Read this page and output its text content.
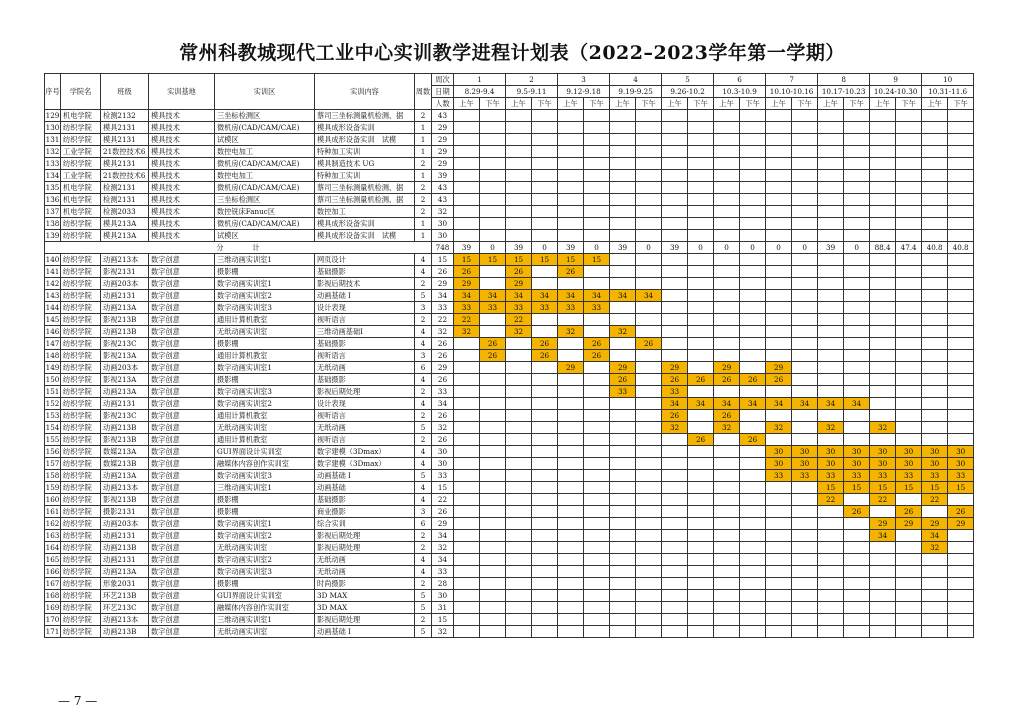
常州科教城现代工业中心实训教学进程计划表（2022–2023学年第一学期）
序号	学院名	班级	实训基地	实训区	实训内容	周数	周次	1		2		3		4		5		6		7		8		9		10	
							日期	8.29-9.4		9.5-9.11		9.12-9.18		9.19-9.25		9.26-10.2		10.3-10.9		10.10-10.16		10.17-10.23		10.24-10.30		10.31-11.6	
							人数	上午	下午	上午	下午	上午	下午	上午	下午	上午	下午	上午	下午	上午	下午	上午	下午	上午	下午	上午	下午
129	机电学院	检测2132	模具技术	三坐标检测区	蔡司三坐标测量机检测、据	2	43																				
130	纺织学院	模具2131	模具技术	微机房(CAD/CAM/CAE)	模具成形设备实训	1	29																				
131	纺织学院	模具2131	模具技术	试模区	模具成形设备实训　试模	1	29																				
132	工业学院	21数控技术6	模具技术	数控电加工	特种加工实训	1	29																				
133	纺织学院	模具2131	模具技术	微机房(CAD/CAM/CAE)	模具制造技术 UG	2	29																				
134	工业学院	21数控技术6	模具技术	数控电加工	特种加工实训	1	39																				
135	机电学院	检测2131	模具技术	微机房(CAD/CAM/CAE)	蔡司三坐标测量机检测、据	2	43																				
136	机电学院	检测2131	模具技术	三坐标检测区	蔡司三坐标测量机检测、据	2	43																				
137	机电学院	检测2033	模具技术	数控铣床Fanuc区	数控加工	2	32																				
138	纺织学院	模具213A	模具技术	微机房(CAD/CAM/CAE)	模具成形设备实训	1	30																				
139	纺织学院	模具213A	模具技术	试模区	模具成形设备实训　试模	1	30																				
分　　　　计							748	39	0	39	0	39	0	39	0	39	0	0	0	0	0	39	0	88.4	47.4	40.8	40.8
140	纺织学院	动画213本	数字创意	三维动画实训室1	网页设计	4	15	15	15	15	15	15	15														
141	纺织学院	影视2131	数字创意	摄影棚	基础摄影	4	26	26		26		26															
142	纺织学院	动画203本	数字创意	数字动画实训室1	影视后期技术	2	29	29		29																	
143	纺织学院	动画2131	数字创意	数字动画实训室2	动画基础 I	5	34	34	34	34	34	34	34	34	34												
144	纺织学院	动画213A	数字创意	数字动画实训室3	设计表现	3	33	33	33	33	33	33	33														
145	纺织学院	影视213B	数字创意	通用计算机教室	视听语言	2	22	22		22																	
146	纺织学院	动画213B	数字创意	无纸动画实训室	三维动画基础I	4	32	32		32		32		32													
147	纺织学院	影视213C	数字创意	摄影棚	基础摄影	4	26		26		26		26		26												
148	纺织学院	影视213A	数字创意	通用计算机教室	视听语言	3	26		26		26		26														
149	纺织学院	动画203本	数字创意	数字动画实训室1	无纸动画	6	29					29		29		29		29		29							
150	纺织学院	影视213A	数字创意	摄影棚	基础摄影	4	26							26		26	26	26	26	26							
151	纺织学院	动画213A	数字创意	数字动画实训室3	影视后期处理	2	33							33		33											
152	纺织学院	动画2131	数字创意	数字动画实训室2	设计表现	4	34									34	34	34	34	34	34	34	34				
153	纺织学院	影视213C	数字创意	通用计算机教室	视听语言	2	26									26		26									
154	纺织学院	动画213B	数字创意	无纸动画实训室	无纸动画	5	32									32		32		32		32		32			
155	纺织学院	影视213B	数字创意	通用计算机教室	视听语言	2	26										26		26								
156	纺织学院	数媒213A	数字创意	GUI界面设计实训室	数字建模（3Dmax）	4	30													30	30	30	30	30	30	30	30
157	纺织学院	数媒213B	数字创意	融媒体内容创作实训室	数字建模（3Dmax）	4	30													30	30	30	30	30	30	30	30
158	纺织学院	动画213A	数字创意	数字动画实训室3	动画基础 I	5	33													33	33	33	33	33	33	33	33
159	纺织学院	动画213本	数字创意	三维动画实训室1	动画基础	4	15															15	15	15	15	15	15
160	纺织学院	影视213B	数字创意	摄影棚	基础摄影	4	22															22		22		22	
161	纺织学院	摄影2131	数字创意	摄影棚	商业摄影	3	26																26		26		26
162	纺织学院	动画203本	数字创意	数字动画实训室1	综合实训	6	29																	29	29	29	29
163	纺织学院	动画2131	数字创意	数字动画实训室2	影视后期处理	2	34																	34		34	
164	纺织学院	动画213B	数字创意	无纸动画实训室	影视后期处理	2	32																			32	
165	纺织学院	动画2131	数字创意	数字动画实训室2	无纸动画	4	34																				
166	纺织学院	动画213A	数字创意	数字动画实训室3	无纸动画	4	33																				
167	纺织学院	形象2031	数字创意	摄影棚	时尚摄影	2	28																				
168	纺织学院	环艺213B	数字创意	GUI界面设计实训室	3D MAX	5	30																				
169	纺织学院	环艺213C	数字创意	融媒体内容创作实训室	3D MAX	5	31																				
170	纺织学院	动画213本	数字创意	三维动画实训室1	影视后期处理	2	15																				
171	纺织学院	动画213B	数字创意	无纸动画实训室	动画基础 I	5	32																				
— 7 —
